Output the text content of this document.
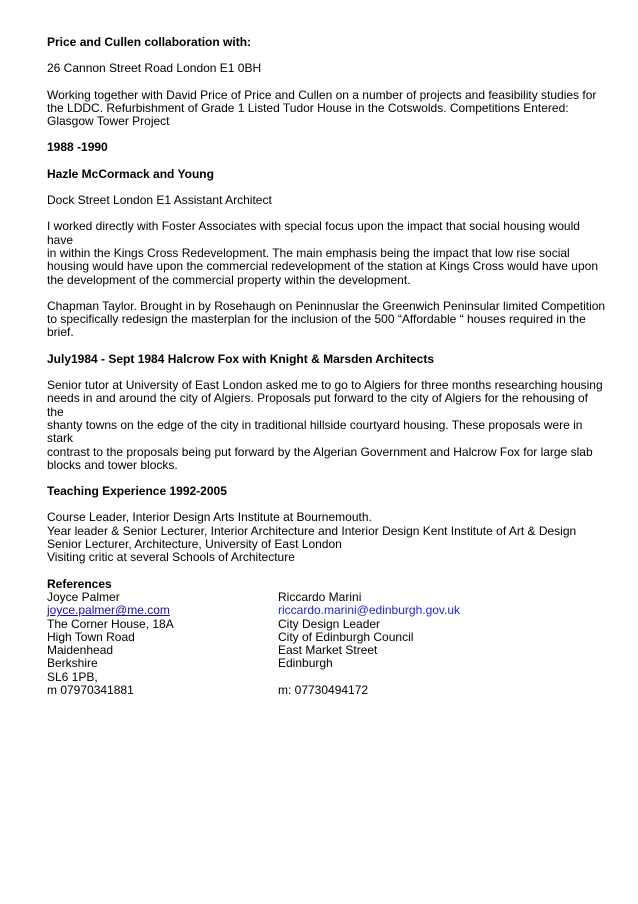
Price and Cullen collaboration with:

26 Cannon Street Road London E1 0BH

Working together with David Price of Price and Cullen on a number of projects and feasibility studies for

the LDDC. Refurbishment of Grade 1 Listed Tudor House in the Cotswolds. Competitions Entered:

Glasgow Tower Project

1988 -1990

Hazle McCormack and Young

Dock Street London E1 Assistant Architect

I worked directly with Foster Associates with special focus upon the impact that social housing would have

in within the Kings Cross Redevelopment. The main emphasis being the impact that low rise social

housing would have upon the commercial redevelopment of the station at Kings Cross would have upon

the development of the commercial property within the development.

Chapman Taylor. Brought in by Rosehaugh on Peninnuslar the Greenwich Peninsular limited Competition

to specifically redesign the masterplan for the inclusion of the 500 “Affordable “ houses required in the

brief.

July1984 - Sept 1984 Halcrow Fox with Knight & Marsden Architects

Senior tutor at University of East London asked me to go to Algiers for three months researching housing

needs in and around the city of Algiers. Proposals put forward to the city of Algiers for the rehousing of the

shanty towns on the edge of the city in traditional hillside courtyard housing. These proposals were in stark

contrast to the proposals being put forward by the Algerian Government and Halcrow Fox for large slab

blocks and tower blocks.

Teaching Experience 1992-2005

Course Leader, Interior Design Arts Institute at Bournemouth.

Year leader & Senior Lecturer, Interior Architecture and Interior Design Kent Institute of Art & Design

Senior Lecturer, Architecture, University of East London

Visiting critic at several Schools of Architecture

References

Joyce Palmer
joyce.palmer@me.com
The Corner House, 18A
High Town Road
Maidenhead
Berkshire
SL6 1PB,
m 07970341881
Riccardo Marini
riccardo.marini@edinburgh.gov.uk
City Design Leader
City of Edinburgh Council
East Market Street
Edinburgh
m: 07730494172
